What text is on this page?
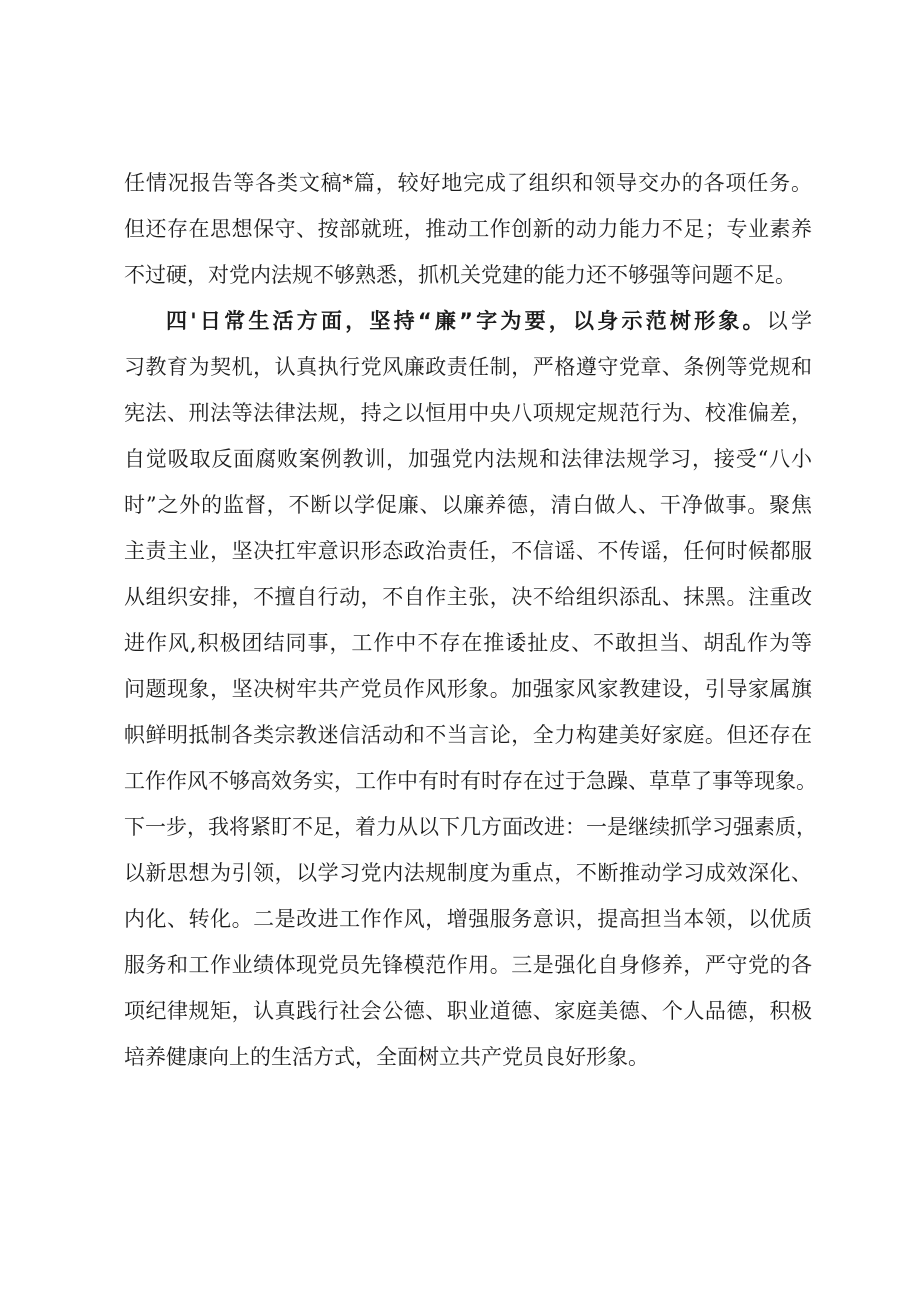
任情况报告等各类文稿*篇，较好地完成了组织和领导交办的各项任务。
但还存在思想保守、按部就班，推动工作创新的动力能力不足；专业素养
不过硬，对党内法规不够熟悉，抓机关党建的能力还不够强等问题不足。
四'日常生活方面，坚持“廉”字为要，以身示范树形象。以学
习教育为契机，认真执行党风廉政责任制，严格遵守党章、条例等党规和
宪法、刑法等法律法规，持之以恒用中央八项规定规范行为、校准偏差，
自觉吸取反面腐败案例教训，加强党内法规和法律法规学习，接受“八小
时”之外的监督，不断以学促廉、以廉养德，清白做人、干净做事。聚焦
主责主业，坚决扛牢意识形态政治责任，不信谣、不传谣，任何时候都服
从组织安排，不擅自行动，不自作主张，决不给组织添乱、抹黑。注重改
进作风,积极团结同事，工作中不存在推诿扯皮、不敢担当、胡乱作为等
问题现象，坚决树牢共产党员作风形象。加强家风家教建设，引导家属旗
帜鲜明抵制各类宗教迷信活动和不当言论，全力构建美好家庭。但还存在
工作作风不够高效务实，工作中有时有时存在过于急躁、草草了事等现象。
下一步，我将紧盯不足，着力从以下几方面改进：一是继续抓学习强素质，
以新思想为引领，以学习党内法规制度为重点，不断推动学习成效深化、
内化、转化。二是改进工作作风，增强服务意识，提高担当本领，以优质
服务和工作业绩体现党员先锋模范作用。三是强化自身修养，严守党的各
项纪律规矩，认真践行社会公德、职业道德、家庭美德、个人品德，积极
培养健康向上的生活方式，全面树立共产党员良好形象。
